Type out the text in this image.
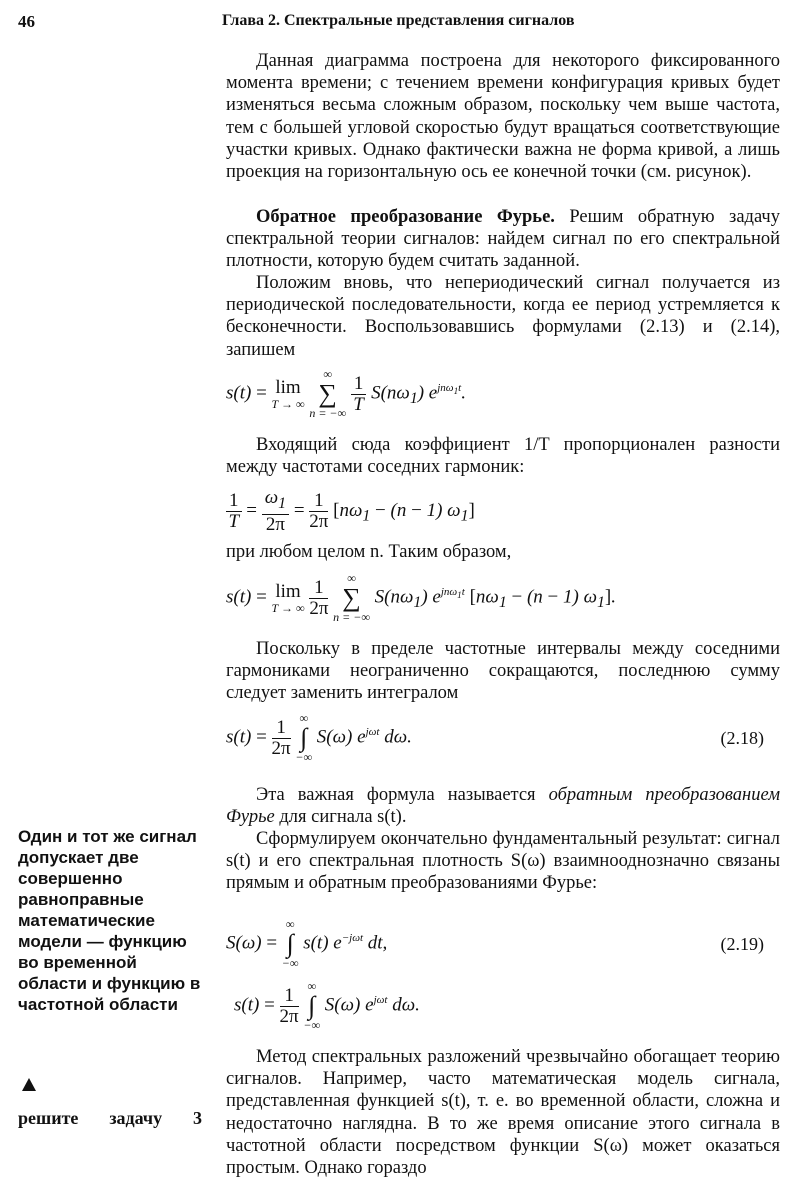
46	Глава 2. Спектральные представления сигналов
Данная диаграмма построена для некоторого фиксированного момента времени; с течением времени конфигурация кривых будет изменяться весьма сложным образом, поскольку чем выше частота, тем с большей угловой скоростью будут вращаться соответствующие участки кривых. Однако фактически важна не форма кривой, а лишь проекция на горизонтальную ось ее конечной точки (см. рисунок).
Обратное преобразование Фурье. Решим обратную задачу спектральной теории сигналов: найдем сигнал по его спектральной плотности, которую будем считать заданной.
Положим вновь, что непериодический сигнал получается из периодической последовательности, когда ее период устремляется к бесконечности. Воспользовавшись формулами (2.13) и (2.14), запишем
s(t) = lim
T → ∞

∞
∑
n = −∞
$\frac{1}{T} S(n\omega_1)$ $e^{jn\omega_1t}$.
Входящий сюда коэффициент 1/T пропорционален разности между частотами соседних гармоник:
$\frac{1}{T} = \frac{\omega_1}{2\pi} = \frac{1}{2\pi} [n\omega_1 - (n - 1)$ $\omega_1$]
при любом целом n. Таким образом,
s(t) = lim
T → ∞
$\frac{1}{2\pi}$
	∞
∑
n = −∞
$S(n\omega_1)$ $e^{jn\omega_1t}$ [$n\omega_1 - (n - 1)$ $\omega_1$].
Поскольку в пределе частотные интервалы между соседними гармониками неограниченно сокращаются, последнюю сумму следует заменить интегралом
$s(t) = \frac{1}{2\pi}$
∞
∫
−∞
S(ω) $e^{j\omega t}$ dω.	(2.18)
Эта важная формула называется обратным преобразованием Фурье для сигнала s(t).
Сформулируем окончательно фундаментальный результат: сигнал s(t) и его спектральная плотность S(ω) взаимнооднозначно связаны прямым и обратным преобразованиями Фурье:
S(ω) =
∞
∫
−∞
s(t) $e^{-j\omega t}$ dt,	(2.19)
$s(t) = \frac{1}{2\pi}$
∞
∫
−∞
S(ω) $e^{j\omega t}$ dω.
Метод спектральных разложений чрезвычайно обогащает теорию сигналов. Например, часто математическая модель сигнала, представленная функцией s(t), т. е. во временной области, сложна и недостаточно наглядна. В то же время описание этого сигнала в частотной области посредством функции S(ω) может оказаться простым. Однако гораздо
Один и тот же сигнал допускает две совершенно равноправные математические модели — функцию во временной области и функцию в частотной области
решите задачу 3
